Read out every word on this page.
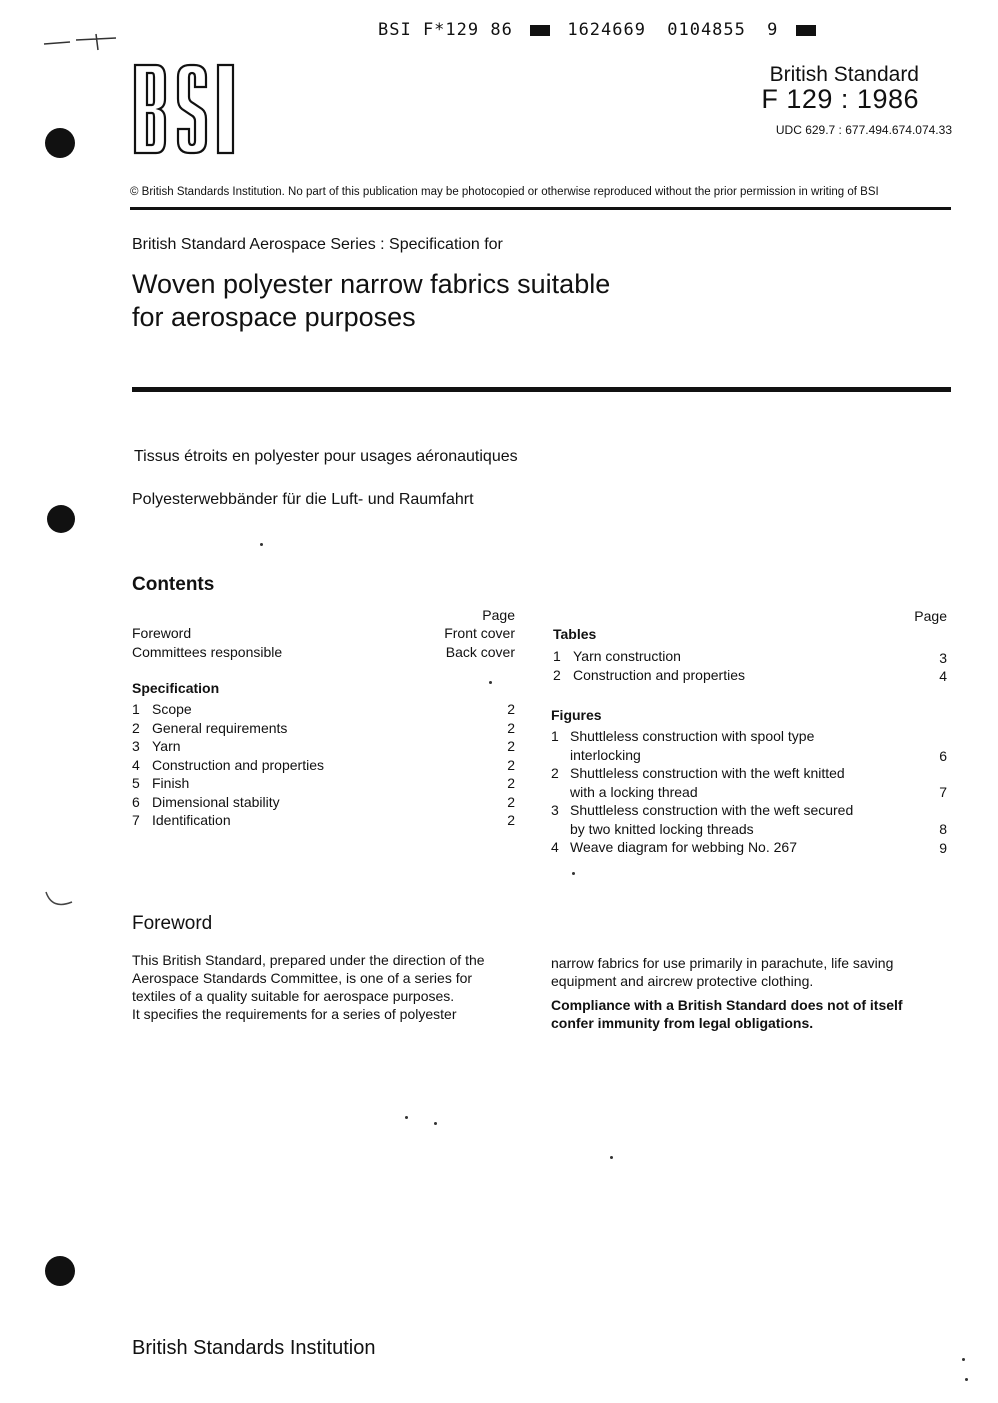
BSI F*129 86	1624669 0104855 9
British Standard
F 129 : 1986
UDC 629.7 : 677.494.674.074.33
© British Standards Institution. No part of this publication may be photocopied or otherwise reproduced without the prior permission in writing of BSI
British Standard Aerospace Series : Specification for
Woven polyester narrow fabrics suitable
for aerospace purposes
Tissus étroits en polyester pour usages aéronautiques
Polyesterwebbänder für die Luft- und Raumfahrt
Contents
Page
Foreword	Front cover
Committees responsible	Back cover
Specification
1 Scope	2
2 General requirements	2
3 Yarn	2
4 Construction and properties	2
5 Finish	2
6 Dimensional stability	2
7 Identification	2
Page
Tables
1 Yarn construction	3
2 Construction and properties	4
Figures
1 Shuttleless construction with spool type
interlocking	6
2 Shuttleless construction with the weft knitted
with a locking thread	7
3 Shuttleless construction with the weft secured
by two knitted locking threads	8
4 Weave diagram for webbing No. 267	9
Foreword
This British Standard, prepared under the direction of the
Aerospace Standards Committee, is one of a series for
textiles of a quality suitable for aerospace purposes.
It specifies the requirements for a series of polyester
narrow fabrics for use primarily in parachute, life saving
equipment and aircrew protective clothing.
Compliance with a British Standard does not of itself
confer immunity from legal obligations.
British Standards Institution
